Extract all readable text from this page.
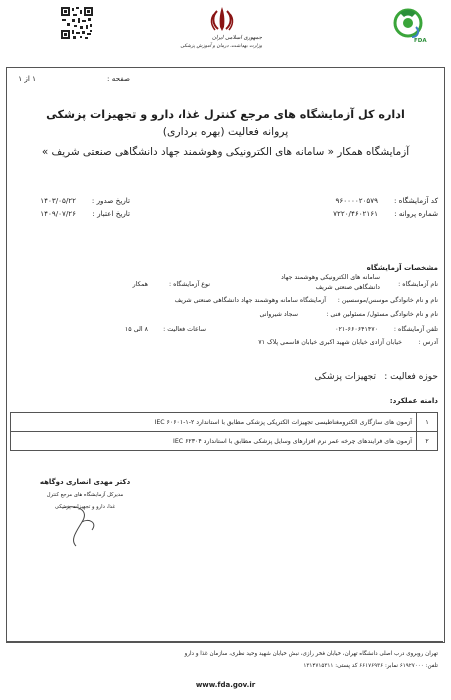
جمهوری اسلامی ایران
وزارت بهداشت، درمان و آموزش پزشکی
FDA
صفحه :
۱ از ۱
اداره کل آزمایشگاه های مرجع کنترل غذا، دارو و تجهیزات پزشکی
پروانه فعالیت (بهره برداری)
آزمایشگاه همکار « سامانه های الکترونیکی وهوشمند جهاد دانشگاهی صنعتی شریف »
کد آزمایشگاه :
۹۶۰۰۰۰۲۰۵۷۹
شماره پروانه :
۷۲۲۰/۴۶۰۲۱۶۱
تاریخ صدور :
۱۴۰۳/۰۵/۲۲
تاریخ اعتبار :
۱۴۰۹/۰۷/۲۶
مشخصات آزمایشگاه
نام آزمایشگاه :
سامانه های الکترونیکی وهوشمند جهاد
دانشگاهی صنعتی شریف
نوع آزمایشگاه :
همکار
نام و نام خانوادگی موسس/موسسین :
آزمایشگاه سامانه وهوشمند جهاد دانشگاهی صنعتی شریف
نام و نام خانوادگی مسئول/ مسئولین فنی :
سجاد شیروانی
تلفن آزمایشگاه :
۰۲۱-۶۶۰۶۴۱۴۷۰
ساعات فعالیت :
۸ الی ۱۵
آدرس :
خیابان آزادی خیابان شهید اکبری خیابان قاسمی پلاک ۷۱
حوزه فعالیت :
تجهیزات پزشکی
دامنه عملکرد:
۱	آزمون های سازگاری الکترومغناطیسی تجهیزات الکتریکی پزشکی مطابق با استاندارد ۲-۱-۶۰۶۰۱ IEC
۲	آزمون های فرایندهای چرخه عمر نرم افزارهای وسایل پزشکی مطابق با استاندارد ۶۲۳۰۴ IEC
دکتر مهدی انصاری دوگاهه
مدیرکل آزمایشگاه های مرجع کنترل
غذا، دارو و تجهیزات پزشکی
تهران روبروی درب اصلی دانشگاه تهران، خیابان فخر رازی، نبش خیابان شهید وحید نظری، سازمان غذا و دارو
تلفن: ۶۱۹۲۷۰۰۰ نمابر: ۶۶۱۷۶۹۳۶ کد پستی: ۱۳۱۴۷۱۵۳۱۱
www.fda.gov.ir
